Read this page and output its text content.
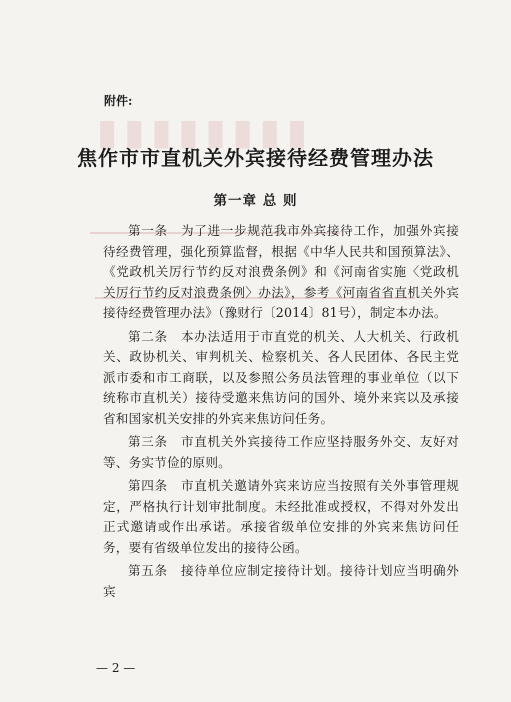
▮▮▮▮▮▮▮▮
附件:
焦作市市直机关外宾接待经费管理办法
第一章 总 则

第一条　为了进一步规范我市外宾接待工作，加强外宾接待经费管理，强化预算监督，根据《中华人民共和国预算法》、《党政机关厉行节约反对浪费条例》和《河南省实施〈党政机关厉行节约反对浪费条例〉办法》，参考《河南省省直机关外宾接待经费管理办法》（豫财行〔2014〕81号），制定本办法。

第二条　本办法适用于市直党的机关、人大机关、行政机关、政协机关、审判机关、检察机关、各人民团体、各民主党派市委和市工商联，以及参照公务员法管理的事业单位（以下统称市直机关）接待受邀来焦访问的国外、境外来宾以及承接省和国家机关安排的外宾来焦访问任务。

第三条　市直机关外宾接待工作应坚持服务外交、友好对等、务实节俭的原则。

第四条　市直机关邀请外宾来访应当按照有关外事管理规定，严格执行计划审批制度。未经批准或授权，不得对外发出正式邀请或作出承诺。承接省级单位安排的外宾来焦访问任务，要有省级单位发出的接待公函。

第五条　接待单位应制定接待计划。接待计划应当明确外宾

— 2 —
